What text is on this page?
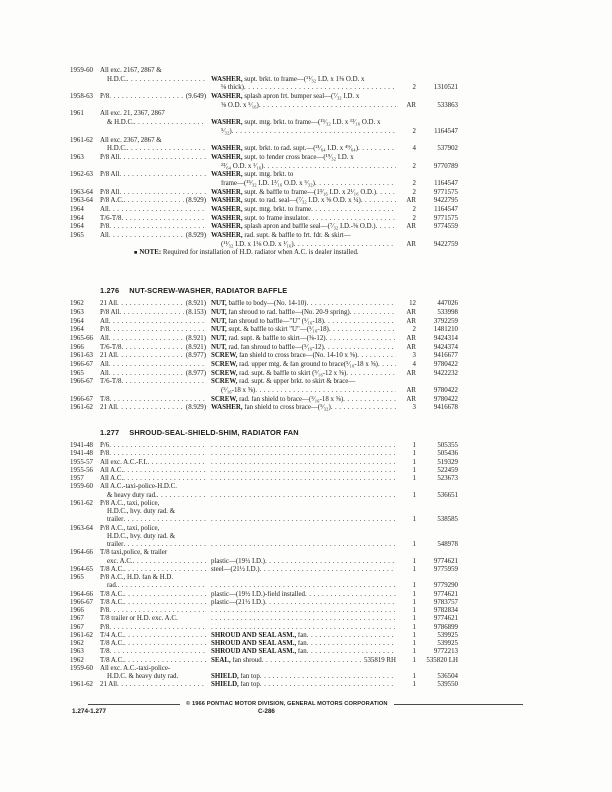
1959-60	All exc. 2167, 2867 &
H.D.C. . .	WASHER, supt. brkt. to frame—(¹¹⁄₃₂ I.D. x 1⅜ O.D. x
⅛ thick) . .	2	1310521
1958-63	P/8 . .	(9.649) WASHER, splash apron frt. bumper seal—(⁷⁄₃₂ I.D. x
⅝ O.D. x ⁵⁄₁₆) . .	AR	533863
1961	All exc. 21, 2367, 2867
& H.D.C. . .	WASHER, supt. mtg. brkt. to frame—(¹⁵⁄₃₂ I.D. x ¹³⁄₁₆ O.D. x
⁵⁄₃₂) . .	2	1164547
1961-62	All exc. 2367, 2867 &
H.D.C. . .	WASHER, supt. brkt. to rad. supt.—(²¹⁄₆₄ I.D. x ⁴⁹⁄₆₄) . .	4	537902
1963	P/8 All . .	WASHER, supt. to fender cross brace—(¹⁹⁄₃₂ I.D. x
²³⁄₆₄ O.D. x ¹⁄₁₆) . .	2	9770789
1962-63	P/8 All . .	WASHER, supt. mtg. brkt. to
frame—(¹⁵⁄₃₂ I.D. 1³⁄₁₆ O.D. x ⁵⁄₃₂) . .	2	1164547
1963-64	P/8 All . .	WASHER, supt. & baffle to frame—(1³⁄₁₆ I.D. x 2¹⁄₁₆ O.D.) . .	2	9771575
1963-64	P/8 A.C. . .	(8.929) WASHER, supt. to rad. seal—(⁷⁄₃₂ I.D. x ⅝ O.D. x ¼) . .	AR	9422795
1964	All . .	WASHER, supt. mtg. brkt. to frame . .	2	1164547
1964	T/6-T/8 . .	WASHER, supt. to frame insulator . .	2	9771575
1964	P/8 . .	WASHER, splash apron and baffle seal—(⁷⁄₃₂ I.D.-⅝ O.D.) . .	AR	9774559
1965	All . .	(8.929) WASHER, rad. supt. & baffle to frt. fdr. & skirt—
(¹¹⁄₃₂ I.D. x 1⅛ O.D. x ¹⁄₁₆) . .	AR	9422759
■ NOTE: Required for installation of H.D. radiator when A.C. is dealer installed.
1.276 NUT-SCREW-WASHER, RADIATOR BAFFLE
1962	21 All . .	(8.921) NUT, baffle to body—(No. 14-10) . .	12	447026
1963	P/8 All . .	(8.153) NUT, fan shroud to rad. baffle—(No. 20-9 spring) . .	AR	533998
1964	All . .	NUT, fan shroud to baffle—"U" (⁵⁄₁₆-18) . .	AR	3792259
1964	P/8 . .	NUT, supt. & baffle to skirt "U"—(⁵⁄₁₆-18) . .	2	1481210
1965-66	All . .	(8.921) NUT, rad. supt. & baffle to skirt—(⅜-12) . .	AR	9424314
1966	T/6-T/8 . .	(8.921) NUT, rad. fan shroud to baffle—(⁵⁄₁₆-12) . .	AR	9424374
1961-63	21 All . .	(8.977) SCREW, fan shield to cross brace—(No. 14-10 x ⅝) . .	3	9416677
1966-67	All . .	SCREW, rad. upper mtg. & fan ground to brace(⁵⁄₁₆-18 x ⅝) . .	4	9780422
1965	All . .	(8.977) SCREW, rad. supt. & baffle to skirt (⁵⁄₁₆-12 x ⅝) . .	AR	9422232
1966-67	T/6-T/8 . .	SCREW, rad. supt. & upper brkt. to skirt & brace—
(⁵⁄₁₆-18 x ⅝) . .	AR	9780422
1966-67	T/8 . .	SCREW, rad. fan shield to brace—(⁵⁄₁₆-18 x ⅝) . .	AR	9780422
1961-62	21 All . .	(8.929) WASHER, fan shield to cross brace—(⁵⁄₃₂) . .	3	9416678
1.277 SHROUD-SEAL-SHIELD-SHIM, RADIATOR FAN
1941-48	P/6 . . . .	1	505355
1941-48	P/8 . . . .	1	505436
1955-57	All exc. A.C.-F.I. . . . .	1	519329
1955-56	All A.C. . . . .	1	522459
1957	All A.C. . . . .	1	523673
1959-60	All A.C.-taxi-police-H.D.C.
& heavy duty rad. . . . .	1	536651
1961-62	P/8 A.C., taxi, police,
H.D.C., hvy. duty rad. &
trailer . . . .	1	538585
1963-64	P/8 A.C., taxi, police,
H.D.C., hvy. duty rad. &
trailer . . . .	1	548978
1964-66	T/8 taxi,police, & trailer
exc. A.C. . .	plastic—(19½ I.D.) . .	1	9774621
1964-65	T/8 A.C. . .	steel—(21½ I.D.) . .	1	9775959
1965	P/8 A.C., H.D. fan & H.D.
rad. . . . .	1	9779290
1964-66	T/8 A.C. . .	plastic—(19½ I.D.)-field installed . .	1	9774621
1966-67	T/8 A.C. . .	plastic—(21½ I.D.) . .	1	9783757
1966	P/8 . . . .	1	9782834
1967	T/8 trailer or H.D. exc. A.C. . .	1	9774621
1967	P/8 . . . .	1	9786899
1961-62	T/4 A.C. . .	SHROUD AND SEAL ASM., fan . .	1	539925
1962	T/8 A.C. . .	SHROUD AND SEAL ASM., fan . .	1	539925
1963	T/8 . .	SHROUD AND SEAL ASM., fan . .	1	9772213
1962	T/8 A.C. . .	SEAL, fan shroud . .	535819 RH	1	535820 LH
1959-60	All exc. A.C.-taxi-police-
H.D.C. & heavy duty rad.	SHIELD, fan top . .	1	536504
1961-62	21 All . .	SHIELD, fan top . .	1	539550
© 1966 PONTIAC MOTOR DIVISION, GENERAL MOTORS CORPORATION
1.274-1.277	C-286
